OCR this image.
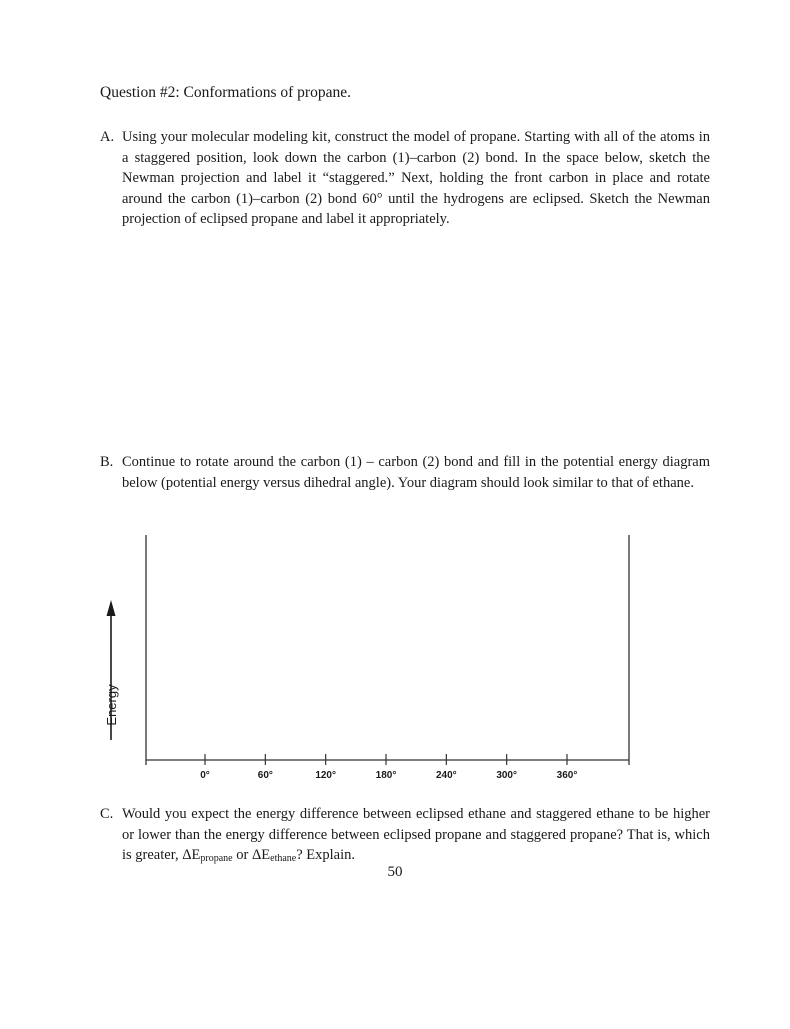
Question #2: Conformations of propane.
A. Using your molecular modeling kit, construct the model of propane. Starting with all of the atoms in a staggered position, look down the carbon (1)–carbon (2) bond. In the space below, sketch the Newman projection and label it “staggered.” Next, holding the front carbon in place and rotate around the carbon (1)–carbon (2) bond 60° until the hydrogens are eclipsed. Sketch the Newman projection of eclipsed propane and label it appropriately.
B. Continue to rotate around the carbon (1) – carbon (2) bond and fill in the potential energy diagram below (potential energy versus dihedral angle). Your diagram should look similar to that of ethane.
C. Would you expect the energy difference between eclipsed ethane and staggered ethane to be higher or lower than the energy difference between eclipsed propane and staggered propane? That is, which is greater, $\Delta E_{propane}$ or $\Delta E_{ethane}$? Explain.
50
Energy
0°	60°	120°	180°	240°	300°	360°
